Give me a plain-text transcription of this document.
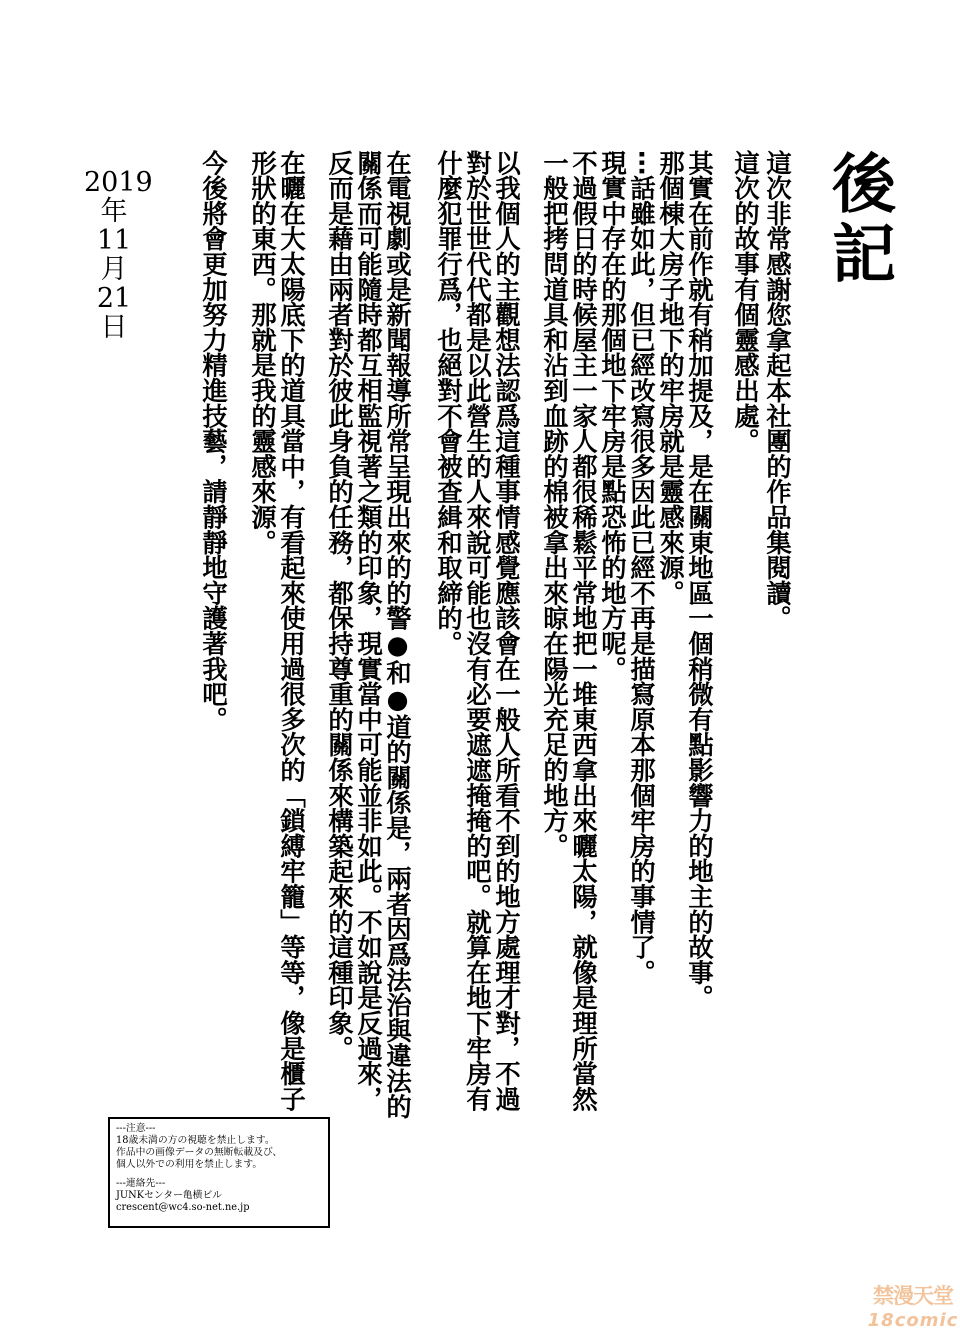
後記
這次非常感謝您拿起本社團的作品集閱讀。
這次的故事有個靈感出處。
其實在前作就有稍加提及，是在關東地區一個稍微有點影響力的地主的故事。
那個棟大房子地下的牢房就是靈感來源。
⋯話雖如此，但已經改寫很多因此已經不再是描寫原本那個牢房的事情了。
現實中存在的那個地下牢房是點恐怖的地方呢。
不過假日的時候屋主一家人都很稀鬆平常地把一堆東西拿出來曬太陽，就像是理所當然
一般把拷問道具和沾到血跡的棉被拿出來晾在陽光充足的地方。
以我個人的主觀想法認爲這種事情感覺應該會在一般人所看不到的地方處理才對，不過
對於世世代代都是以此營生的人來說可能也沒有必要遮遮掩掩的吧。就算在地下牢房有
什麼犯罪行爲，也絕對不會被查緝和取締的。
在電視劇或是新聞報導所常呈現出來的的警●和●道的關係是，兩者因爲法治與違法的
關係而可能隨時都互相監視著之類的印象，現實當中可能並非如此。不如說是反過來，
反而是藉由兩者對於彼此身負的任務，都保持尊重的關係來構築起來的這種印象。
在曬在大太陽底下的道具當中，有看起來使用過很多次的「鎖縛牢籠」等等，像是櫃子
形狀的東西。那就是我的靈感來源。
今後將會更加努力精進技藝，請靜靜地守護著我吧。
2019
年
11
月
21
日
---注意---
18歳未満の方の視聴を禁止します。
作品中の画像データの無断転載及び、
個人以外での利用を禁止します。
---連絡先---
JUNKセンター亀横ビル
crescent@wc4.so-net.ne.jp
禁漫天堂
18comic
